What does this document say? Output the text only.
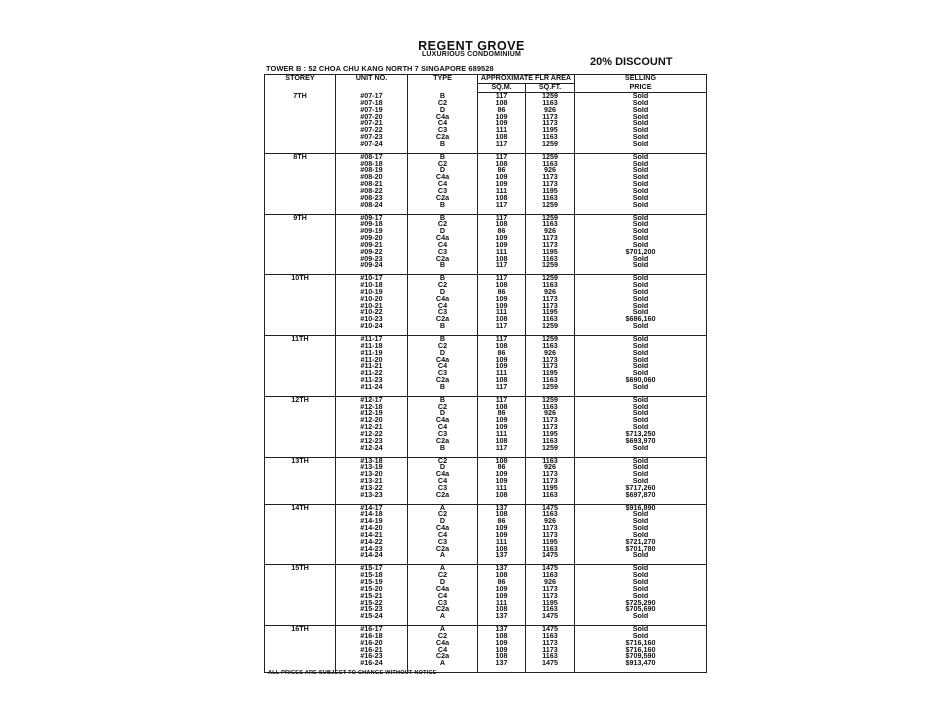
REGENT GROVE
LUXURIOUS CONDOMINIUM
20% DISCOUNT
TOWER B : 52 CHOA CHU KANG NORTH 7 SINGAPORE 689528
STOREY	UNIT NO.	TYPE	APPROXIMATE FLR AREA		SELLING
			SQ.M.	SQ.FT.	PRICE
7TH	#07-17	B	117	1259	Sold
	#07-18	C2	108	1163	Sold
	#07-19	D	86	926	Sold
	#07-20	C4a	109	1173	Sold
	#07-21	C4	109	1173	Sold
	#07-22	C3	111	1195	Sold
	#07-23	C2a	108	1163	Sold
	#07-24	B	117	1259	Sold

8TH	#08-17	B	117	1259	Sold
	#08-18	C2	108	1163	Sold
	#08-19	D	86	926	Sold
	#08-20	C4a	109	1173	Sold
	#08-21	C4	109	1173	Sold
	#08-22	C3	111	1195	Sold
	#08-23	C2a	108	1163	Sold
	#08-24	B	117	1259	Sold

9TH	#09-17	B	117	1259	Sold
	#09-18	C2	108	1163	Sold
	#09-19	D	86	926	Sold
	#09-20	C4a	109	1173	Sold
	#09-21	C4	109	1173	Sold
	#09-22	C3	111	1195	$701,200
	#09-23	C2a	108	1163	Sold
	#09-24	B	117	1259	Sold

10TH	#10-17	B	117	1259	Sold
	#10-18	C2	108	1163	Sold
	#10-19	D	86	926	Sold
	#10-20	C4a	109	1173	Sold
	#10-21	C4	109	1173	Sold
	#10-22	C3	111	1195	Sold
	#10-23	C2a	108	1163	$686,160
	#10-24	B	117	1259	Sold

11TH	#11-17	B	117	1259	Sold
	#11-18	C2	108	1163	Sold
	#11-19	D	86	926	Sold
	#11-20	C4a	109	1173	Sold
	#11-21	C4	109	1173	Sold
	#11-22	C3	111	1195	Sold
	#11-23	C2a	108	1163	$690,060
	#11-24	B	117	1259	Sold

12TH	#12-17	B	117	1259	Sold
	#12-18	C2	108	1163	Sold
	#12-19	D	86	926	Sold
	#12-20	C4a	109	1173	Sold
	#12-21	C4	109	1173	Sold
	#12-22	C3	111	1195	$713,250
	#12-23	C2a	108	1163	$693,970
	#12-24	B	117	1259	Sold

13TH	#13-18	C2	108	1163	Sold
	#13-19	D	86	926	Sold
	#13-20	C4a	109	1173	Sold
	#13-21	C4	109	1173	Sold
	#13-22	C3	111	1195	$717,260
	#13-23	C2a	108	1163	$697,870

14TH	#14-17	A	137	1475	$916,890
	#14-18	C2	108	1163	Sold
	#14-19	D	86	926	Sold
	#14-20	C4a	109	1173	Sold
	#14-21	C4	109	1173	Sold
	#14-22	C3	111	1195	$721,270
	#14-23	C2a	108	1163	$701,780
	#14-24	A	137	1475	Sold

15TH	#15-17	A	137	1475	Sold
	#15-18	C2	108	1163	Sold
	#15-19	D	86	926	Sold
	#15-20	C4a	109	1173	Sold
	#15-21	C4	109	1173	Sold
	#15-22	C3	111	1195	$725,290
	#15-23	C2a	108	1163	$705,690
	#15-24	A	137	1475	Sold

16TH	#16-17	A	137	1475	Sold
	#16-18	C2	108	1163	Sold
	#16-20	C4a	109	1173	$716,160
	#16-21	C4	109	1173	$716,160
	#16-23	C2a	108	1163	$709,590
	#16-24	A	137	1475	$913,470

ALL PRICES ARE SUBJECT TO CHANGE WITHOUT NOTICE
